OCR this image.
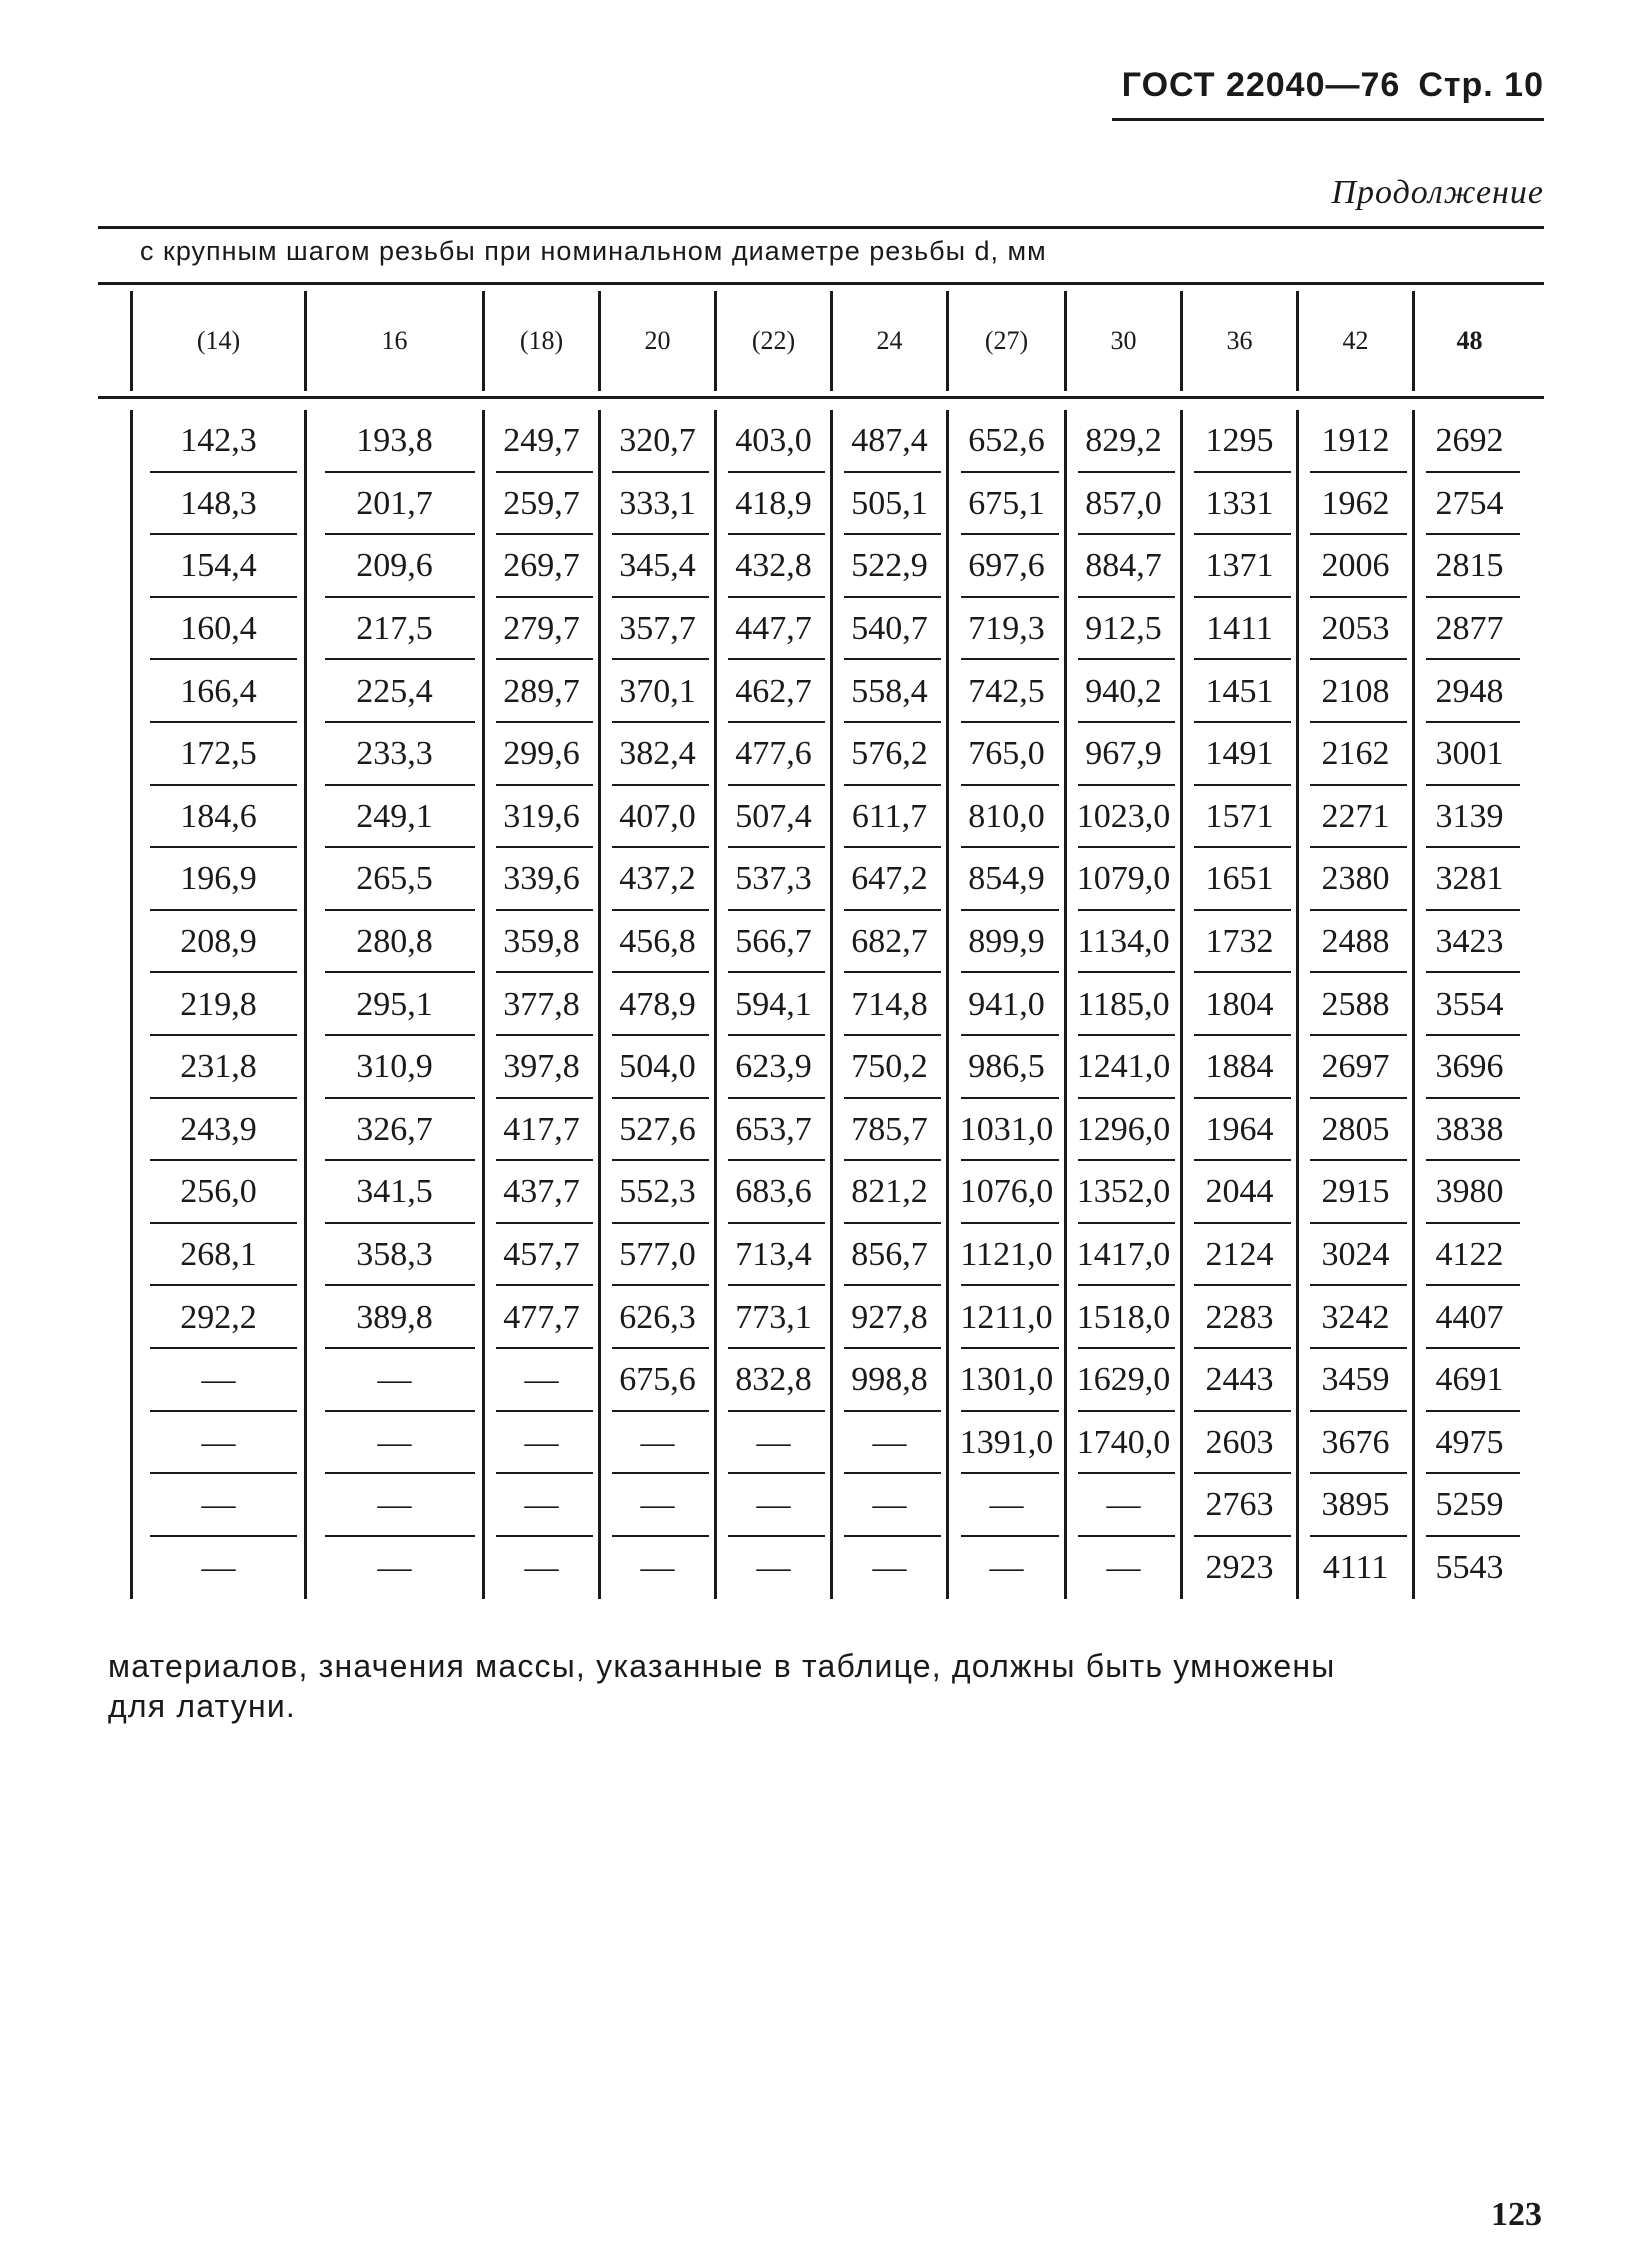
ГОСТ 22040—76 Стр. 10
Продолжение
с крупным шагом резьбы при номинальном диаметре резьбы d, мм
(14)	16	(18)	20	(22)	24	(27)	30	36	42	48
142,3	193,8 249,7 320,7 403,0 487,4 652,6 829,2 1295 1912 2692
148,3	201,7 259,7 333,1 418,9 505,1 675,1 857,0 1331 1962 2754
154,4	209,6 269,7 345,4 432,8 522,9 697,6 884,7 1371 2006 2815
160,4	217,5 279,7 357,7 447,7 540,7 719,3 912,5 1411 2053 2877
166,4	225,4 289,7 370,1 462,7 558,4 742,5 940,2 1451 2108 2948
172,5	233,3 299,6 382,4 477,6 576,2 765,0 967,9 1491 2162 3001
184,6	249,1 319,6 407,0 507,4 611,7 810,0 1023,0 1571 2271 3139
196,9	265,5 339,6 437,2 537,3 647,2 854,9 1079,0 1651 2380 3281
208,9	280,8 359,8 456,8 566,7 682,7 899,9 1134,0 1732 2488 3423
219,8	295,1 377,8 478,9 594,1 714,8 941,0 1185,0 1804 2588 3554
231,8	310,9 397,8 504,0 623,9 750,2 986,5 1241,0 1884 2697 3696
243,9	326,7 417,7 527,6 653,7 785,7 1031,0 1296,0 1964 2805 3838
256,0	341,5 437,7 552,3 683,6 821,2 1076,0 1352,0 2044 2915 3980
268,1	358,3 457,7 577,0 713,4 856,7 1121,0 1417,0 2124 3024 4122
292,2	389,8 477,7 626,3 773,1 927,8 1211,0 1518,0 2283 3242 4407
—	—	— 675,6 832,8 998,8 1301,0 1629,0 2443 3459 4691
—	—	— — — — 1391,0 1740,0 2603 3676 4975
—	—	— — — — — — 2763 3895 5259
—	—	— — — — — — 2923 4111 5543
материалов, значения массы, указанные в таблице, должны быть умножены
для латуни.
123
